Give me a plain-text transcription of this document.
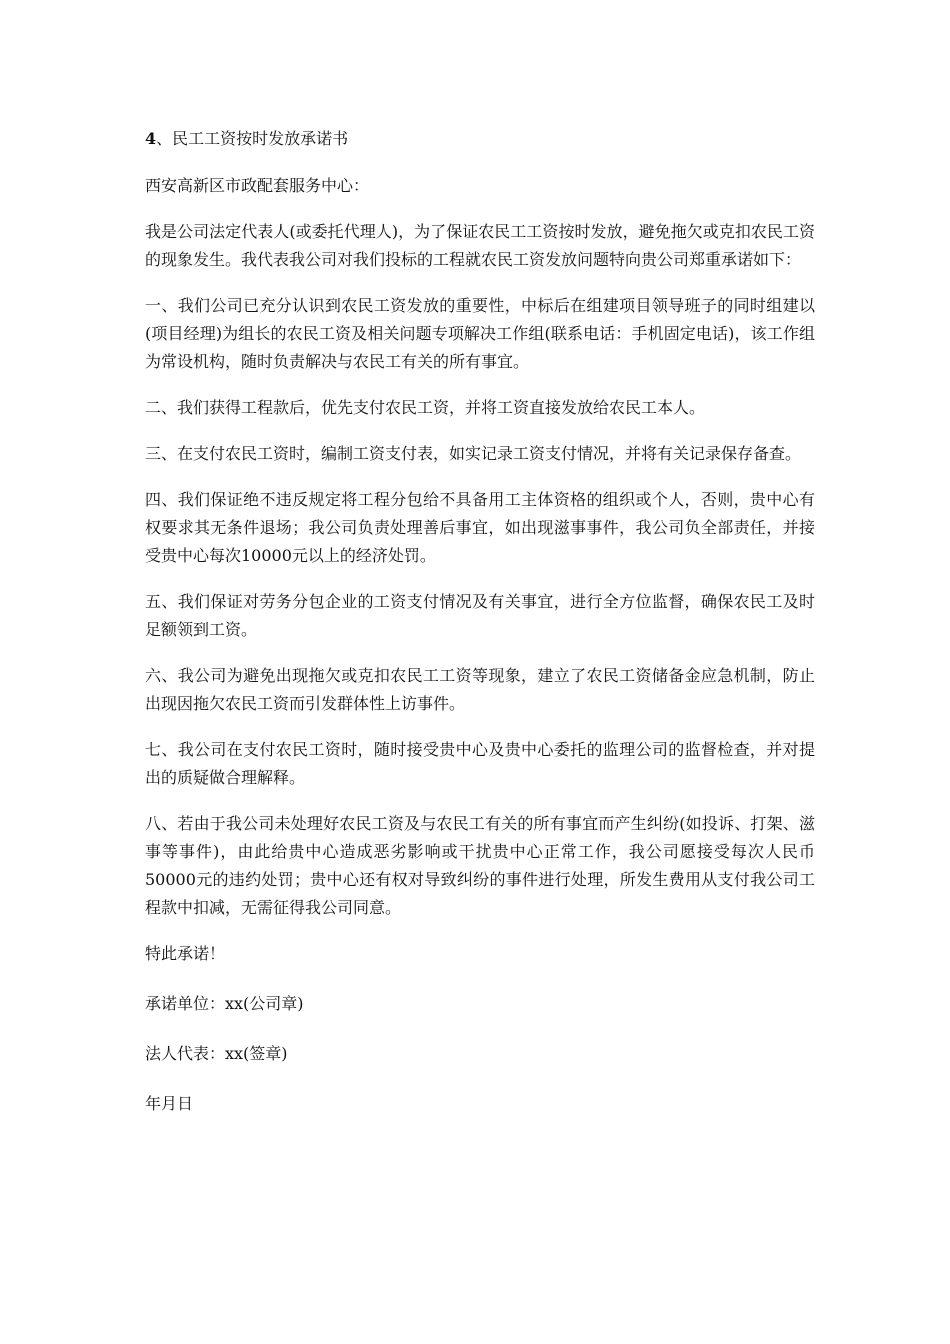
4、民工工资按时发放承诺书

西安高新区市政配套服务中心：

我是公司法定代表人(或委托代理人)，为了保证农民工工资按时发放，避免拖欠或克扣农民工资的现象发生。我代表我公司对我们投标的工程就农民工资发放问题特向贵公司郑重承诺如下：

一、我们公司已充分认识到农民工资发放的重要性，中标后在组建项目领导班子的同时组建以(项目经理)为组长的农民工资及相关问题专项解决工作组(联系电话：手机固定电话)，该工作组为常设机构，随时负责解决与农民工有关的所有事宜。

二、我们获得工程款后，优先支付农民工资，并将工资直接发放给农民工本人。

三、在支付农民工资时，编制工资支付表，如实记录工资支付情况，并将有关记录保存备查。

四、我们保证绝不违反规定将工程分包给不具备用工主体资格的组织或个人，否则，贵中心有权要求其无条件退场；我公司负责处理善后事宜，如出现滋事事件，我公司负全部责任，并接受贵中心每次10000元以上的经济处罚。

五、我们保证对劳务分包企业的工资支付情况及有关事宜，进行全方位监督，确保农民工及时足额领到工资。

六、我公司为避免出现拖欠或克扣农民工工资等现象，建立了农民工资储备金应急机制，防止出现因拖欠农民工资而引发群体性上访事件。

七、我公司在支付农民工资时，随时接受贵中心及贵中心委托的监理公司的监督检查，并对提出的质疑做合理解释。

八、若由于我公司未处理好农民工资及与农民工有关的所有事宜而产生纠纷(如投诉、打架、滋事等事件)，由此给贵中心造成恶劣影响或干扰贵中心正常工作，我公司愿接受每次人民币50000元的违约处罚；贵中心还有权对导致纠纷的事件进行处理，所发生费用从支付我公司工程款中扣减，无需征得我公司同意。

特此承诺！

承诺单位：xx(公司章)

法人代表：xx(签章)

年月日
